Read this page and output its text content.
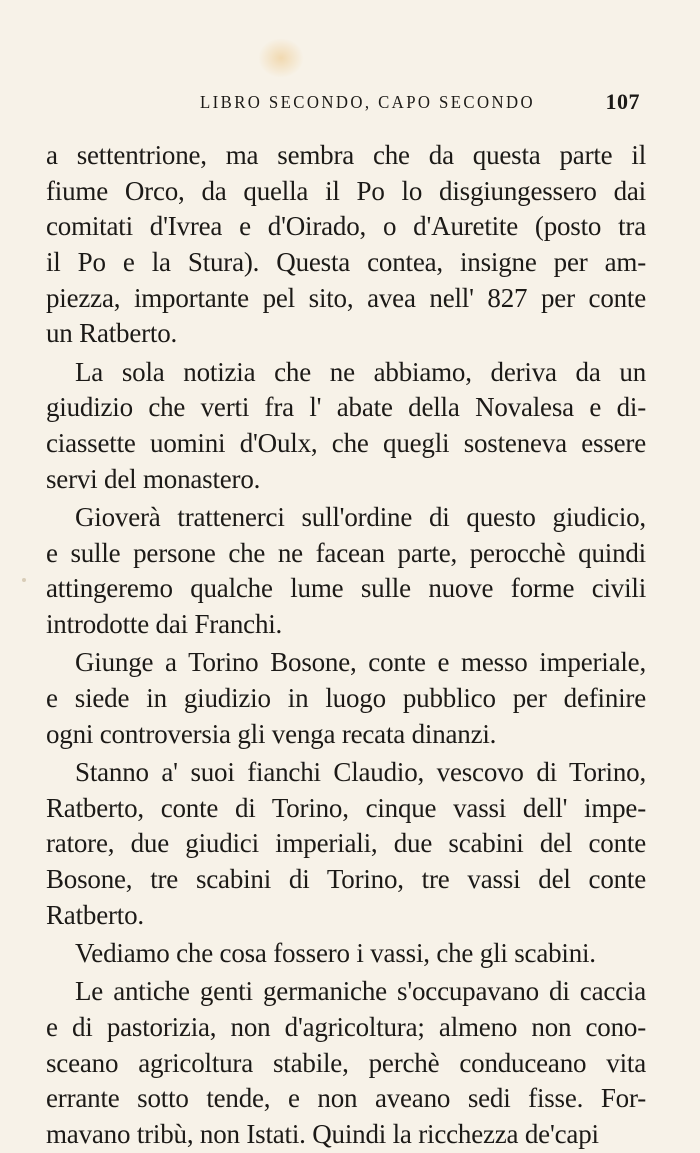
LIBRO SECONDO, CAPO SECONDO	107
a settentrione, ma sembra che da questa parte il
fiume Orco, da quella il Po lo disgiungessero dai
comitati d'Ivrea e d'Oirado, o d'Auretite (posto tra
il Po e la Stura). Questa contea, insigne per am-
piezza, importante pel sito, avea nell' 827 per conte
un Ratberto.
La sola notizia che ne abbiamo, deriva da un
giudizio che verti fra l' abate della Novalesa e di-
ciassette uomini d'Oulx, che quegli sosteneva essere
servi del monastero.
Gioverà trattenerci sull'ordine di questo giudicio,
e sulle persone che ne facean parte, perocchè quindi
attingeremo qualche lume sulle nuove forme civili
introdotte dai Franchi.
Giunge a Torino Bosone, conte e messo imperiale,
e siede in giudizio in luogo pubblico per definire
ogni controversia gli venga recata dinanzi.
Stanno a' suoi fianchi Claudio, vescovo di Torino,
Ratberto, conte di Torino, cinque vassi dell' impe-
ratore, due giudici imperiali, due scabini del conte
Bosone, tre scabini di Torino, tre vassi del conte
Ratberto.
Vediamo che cosa fossero i vassi, che gli scabini.
Le antiche genti germaniche s'occupavano di caccia
e di pastorizia, non d'agricoltura; almeno non cono-
sceano agricoltura stabile, perchè conduceano vita
errante sotto tende, e non aveano sedi fisse. For-
mavano tribù, non Istati. Quindi la ricchezza de'capi
